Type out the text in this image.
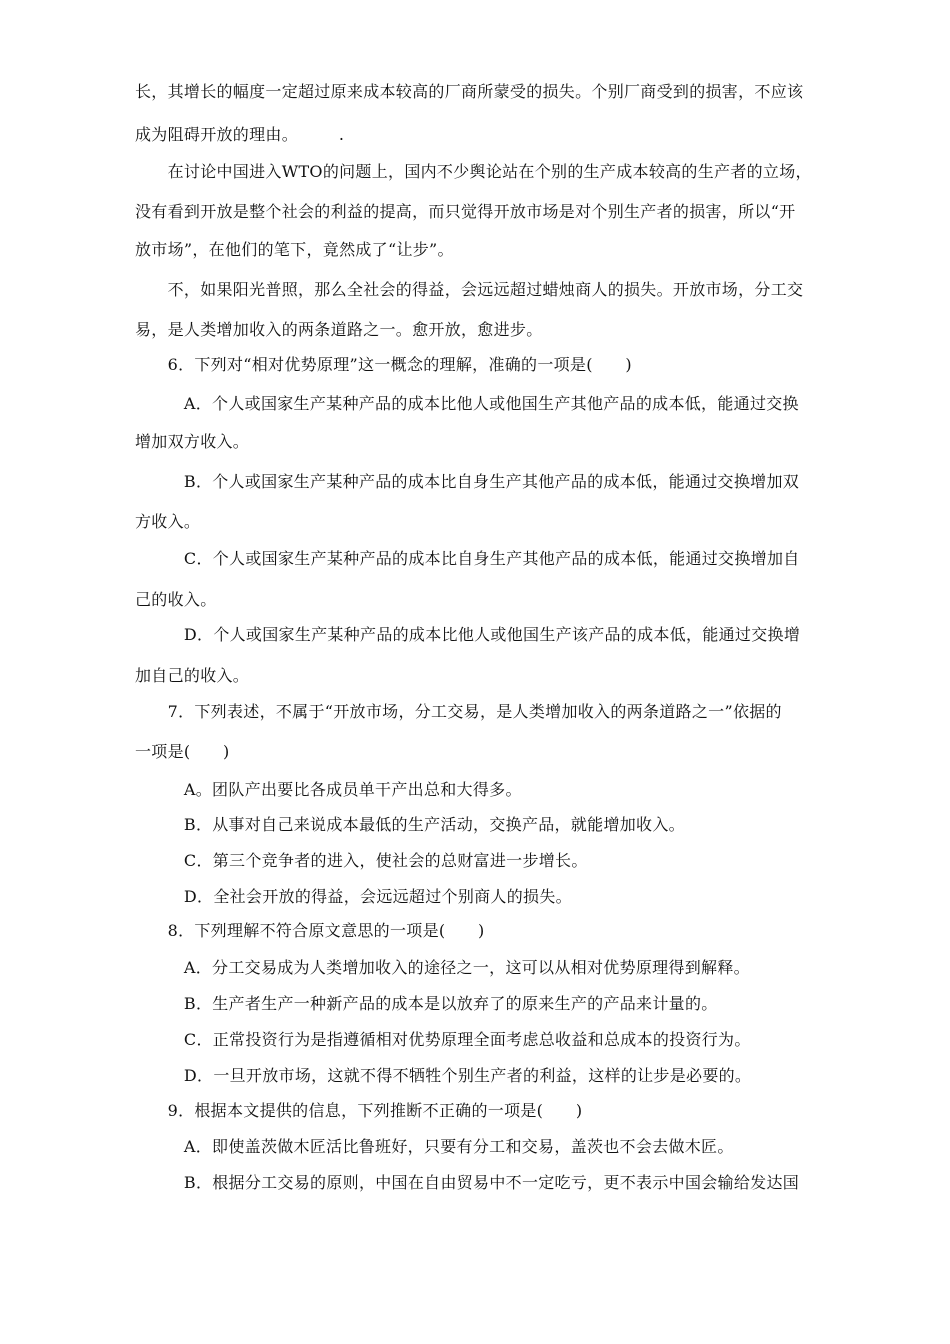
长，其增长的幅度一定超过原来成本较高的厂商所蒙受的损失。个别厂商受到的损害，不应该
成为阻碍开放的理由。　　　.
　　在讨论中国进入WTO的问题上，国内不少舆论站在个别的生产成本较高的生产者的立场，
没有看到开放是整个社会的利益的提高，而只觉得开放市场是对个别生产者的损害，所以“开
放市场”，在他们的笔下，竟然成了“让步”。
　　不，如果阳光普照，那么全社会的得益，会远远超过蜡烛商人的损失。开放市场，分工交
易，是人类增加收入的两条道路之一。愈开放，愈进步。
　　6．下列对“相对优势原理”这一概念的理解，准确的一项是(　　)
　　　A．个人或国家生产某种产品的成本比他人或他国生产其他产品的成本低，能通过交换
增加双方收入。
　　　B．个人或国家生产某种产品的成本比自身生产其他产品的成本低，能通过交换增加双
方收入。
　　　C．个人或国家生产某种产品的成本比自身生产其他产品的成本低，能通过交换增加自
己的收入。
　　　D．个人或国家生产某种产品的成本比他人或他国生产该产品的成本低，能通过交换增
加自己的收入。
　　7．下列表述，不属于“开放市场，分工交易，是人类增加收入的两条道路之一”依据的
一项是(　　)
　　　A。团队产出要比各成员单干产出总和大得多。
　　　B．从事对自己来说成本最低的生产活动，交换产品，就能增加收入。
　　　C．第三个竞争者的进入，使社会的总财富进一步增长。
　　　D．全社会开放的得益，会远远超过个别商人的损失。
　　8．下列理解不符合原文意思的一项是(　　)
　　　A．分工交易成为人类增加收入的途径之一，这可以从相对优势原理得到解释。
　　　B．生产者生产一种新产品的成本是以放弃了的原来生产的产品来计量的。
　　　C．正常投资行为是指遵循相对优势原理全面考虑总收益和总成本的投资行为。
　　　D．一旦开放市场，这就不得不牺牲个别生产者的利益，这样的让步是必要的。
　　9．根据本文提供的信息，下列推断不正确的一项是(　　)
　　　A．即使盖茨做木匠活比鲁班好，只要有分工和交易，盖茨也不会去做木匠。
　　　B．根据分工交易的原则，中国在自由贸易中不一定吃亏，更不表示中国会输给发达国
